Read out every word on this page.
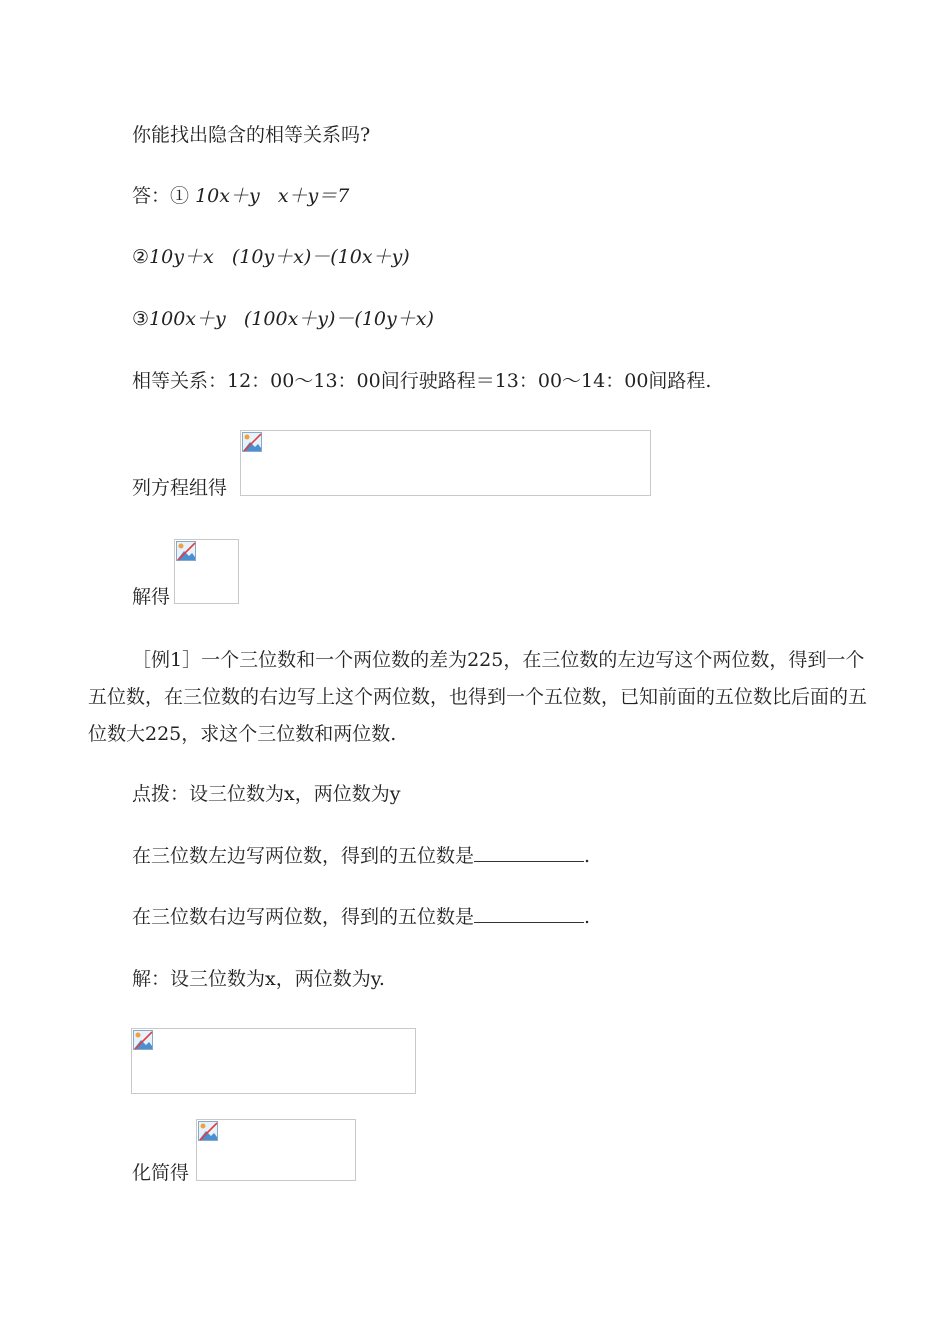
你能找出隐含的相等关系吗?
答：① 10x＋y x＋y＝7
②10y＋x (10y＋x)－(10x＋y)
③100x＋y (100x＋y)－(10y＋x)
相等关系：12：00～13：00间行驶路程＝13：00～14：00间路程.
列方程组得
解得
［例1］一个三位数和一个两位数的差为225，在三位数的左边写这个两位数，得到一个五位数，在三位数的右边写上这个两位数，也得到一个五位数，已知前面的五位数比后面的五位数大225，求这个三位数和两位数.
点拨：设三位数为x，两位数为y
在三位数左边写两位数，得到的五位数是	.
在三位数右边写两位数，得到的五位数是	.
解：设三位数为x，两位数为y.
化简得
